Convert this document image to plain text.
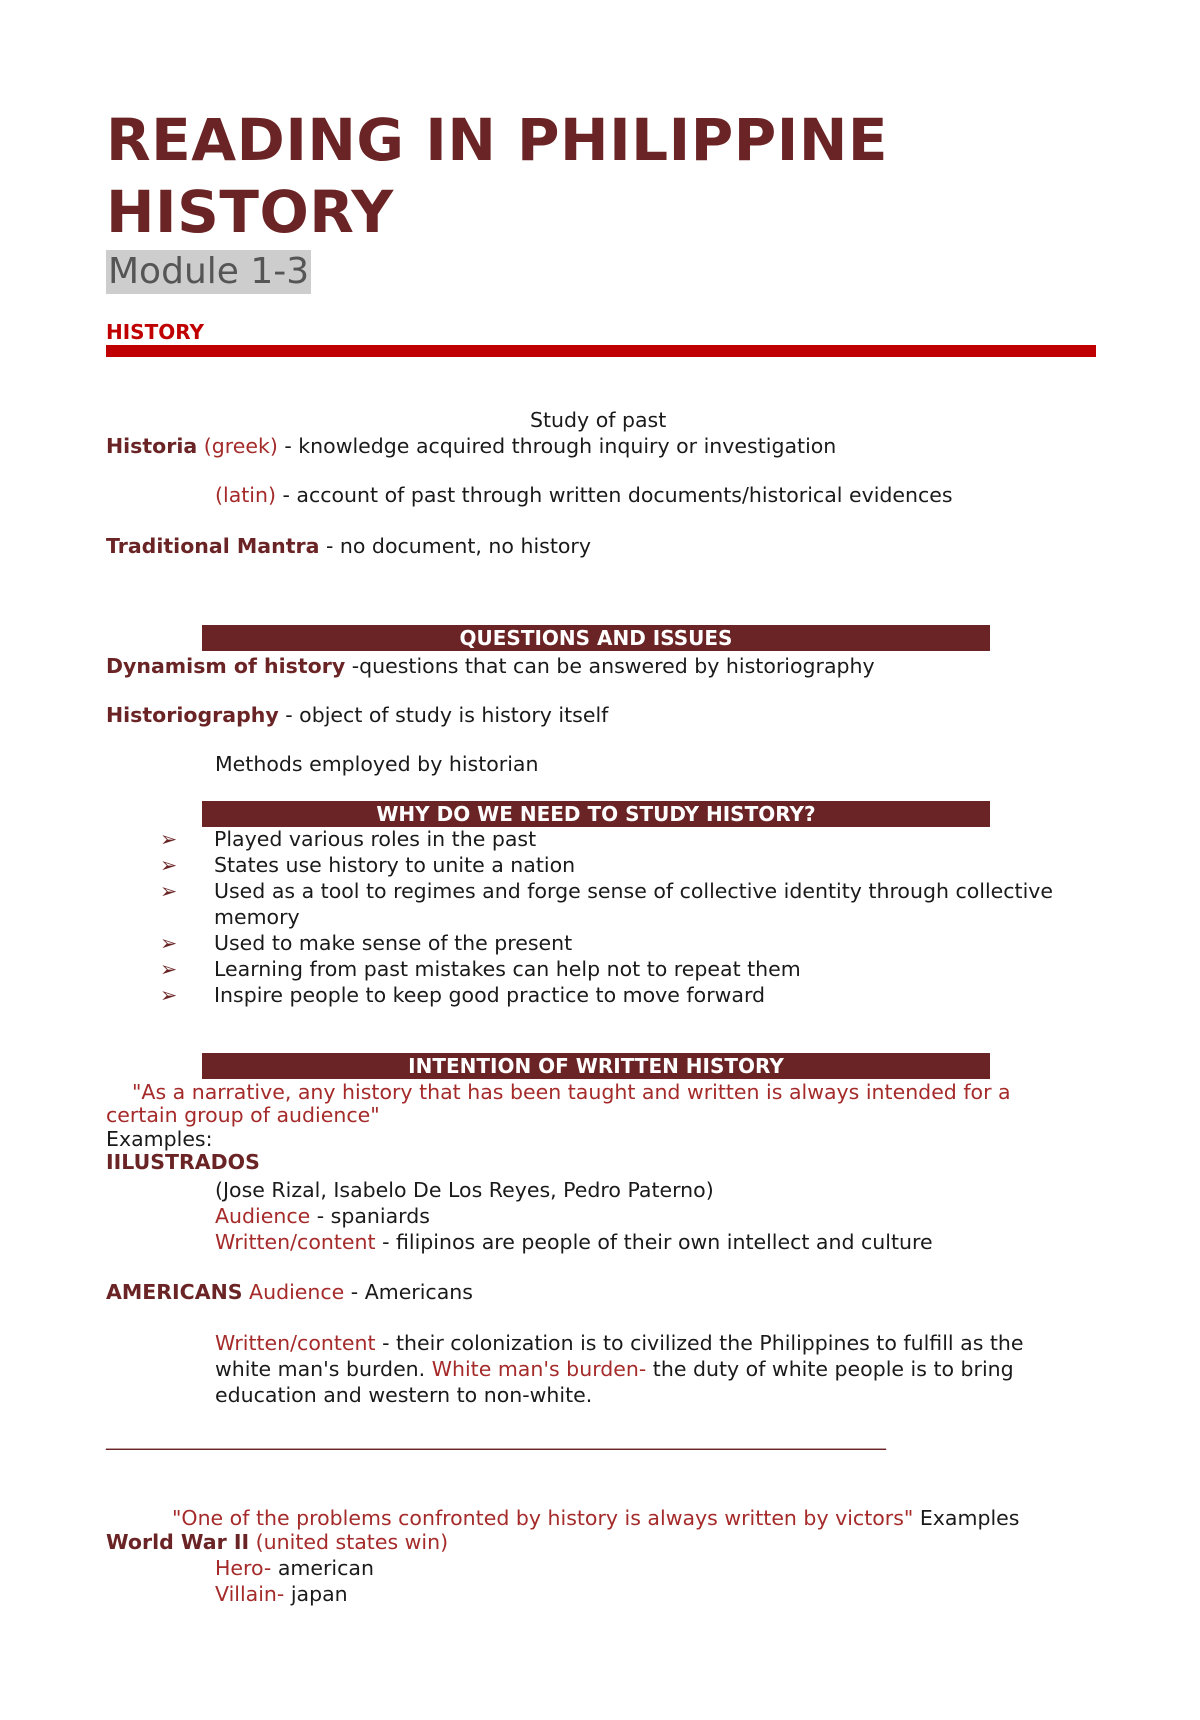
READING IN PHILIPPINE HISTORY
Module 1-3
HISTORY
Study of past
Historia (greek) - knowledge acquired through inquiry or investigation
(latin) - account of past through written documents/historical evidences
Traditional Mantra - no document, no history
QUESTIONS AND ISSUES
Dynamism of history -questions that can be answered by historiography
Historiography - object of study is history itself
Methods employed by historian
WHY DO WE NEED TO STUDY HISTORY?
➢ Played various roles in the past
➢ States use history to unite a nation
➢ Used as a tool to regimes and forge sense of collective identity through collective memory
➢ Used to make sense of the present
➢ Learning from past mistakes can help not to repeat them
➢ Inspire people to keep good practice to move forward
INTENTION OF WRITTEN HISTORY
"As a narrative, any history that has been taught and written is always intended for a certain group of audience"
Examples:
IILUSTRADOS
(Jose Rizal, Isabelo De Los Reyes, Pedro Paterno)
Audience - spaniards
Written/content - filipinos are people of their own intellect and culture
AMERICANS Audience - Americans
Written/content - their colonization is to civilized the Philippines to fulfill as the white man's burden. White man's burden- the duty of white people is to bring education and western to non-white.
______________________________________________________________________________
"One of the problems confronted by history is always written by victors" Examples
World War II (united states win)
Hero- american
Villain- japan
